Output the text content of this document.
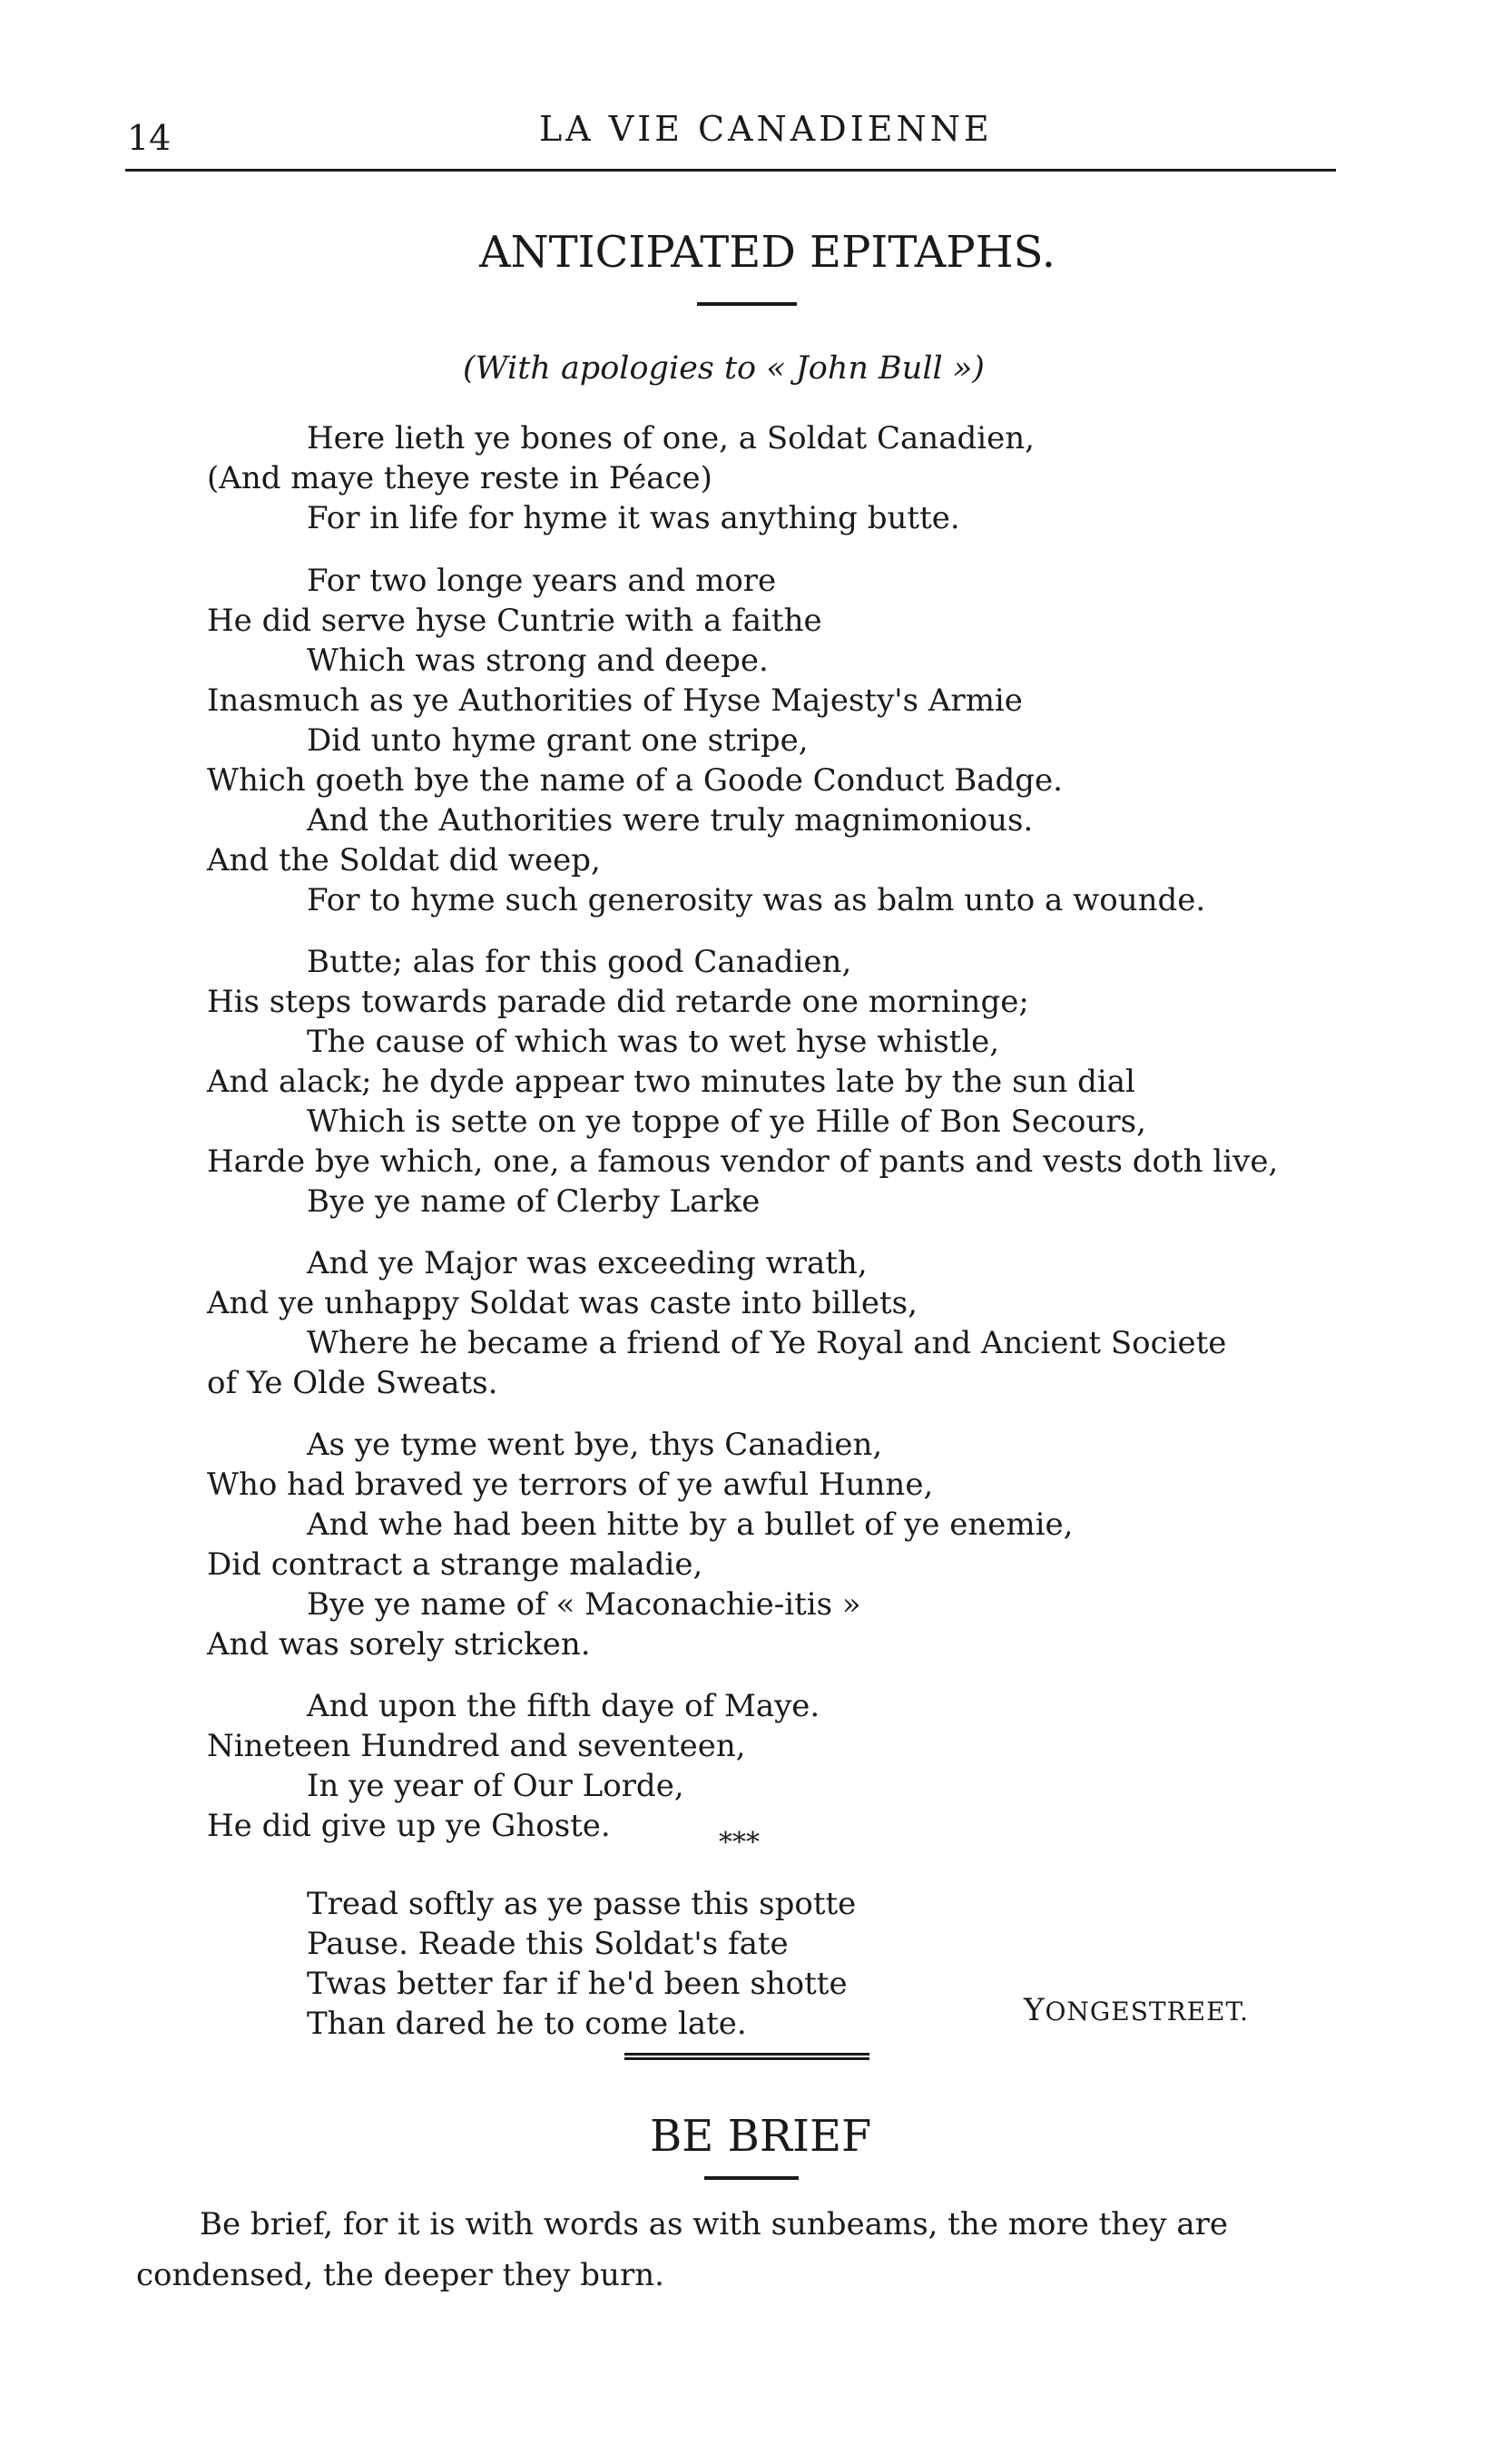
14	LA VIE CANADIENNE
ANTICIPATED EPITAPHS.
(With apologies to « John Bull »)
Here lieth ye bones of one, a Soldat Canadien,
(And maye theye reste in Péace)
For in life for hyme it was anything butte.
For two longe years and more
He did serve hyse Cuntrie with a faithe
Which was strong and deepe.
Inasmuch as ye Authorities of Hyse Majesty's Armie
Did unto hyme grant one stripe,
Which goeth bye the name of a Goode Conduct Badge.
And the Authorities were truly magnimonious.
And the Soldat did weep,
For to hyme such generosity was as balm unto a wounde.
Butte; alas for this good Canadien,
His steps towards parade did retarde one morninge;
The cause of which was to wet hyse whistle,
And alack; he dyde appear two minutes late by the sun dial
Which is sette on ye toppe of ye Hille of Bon Secours,
Harde bye which, one, a famous vendor of pants and vests doth live,
Bye ye name of Clerby Larke
And ye Major was exceeding wrath,
And ye unhappy Soldat was caste into billets,
Where he became a friend of Ye Royal and Ancient Societe
of Ye Olde Sweats.
As ye tyme went bye, thys Canadien,
Who had braved ye terrors of ye awful Hunne,
And whe had been hitte by a bullet of ye enemie,
Did contract a strange maladie,
Bye ye name of « Maconachie-itis »
And was sorely stricken.
And upon the fifth daye of Maye.
Nineteen Hundred and seventeen,
In ye year of Our Lorde,
He did give up ye Ghoste.	***
Tread softly as ye passe this spotte
Pause. Reade this Soldat's fate
Twas better far if he'd been shotte
Than dared he to come late.	YONGESTREET.
BE BRIEF
Be brief, for it is with words as with sunbeams, the more they are condensed, the deeper they burn.
